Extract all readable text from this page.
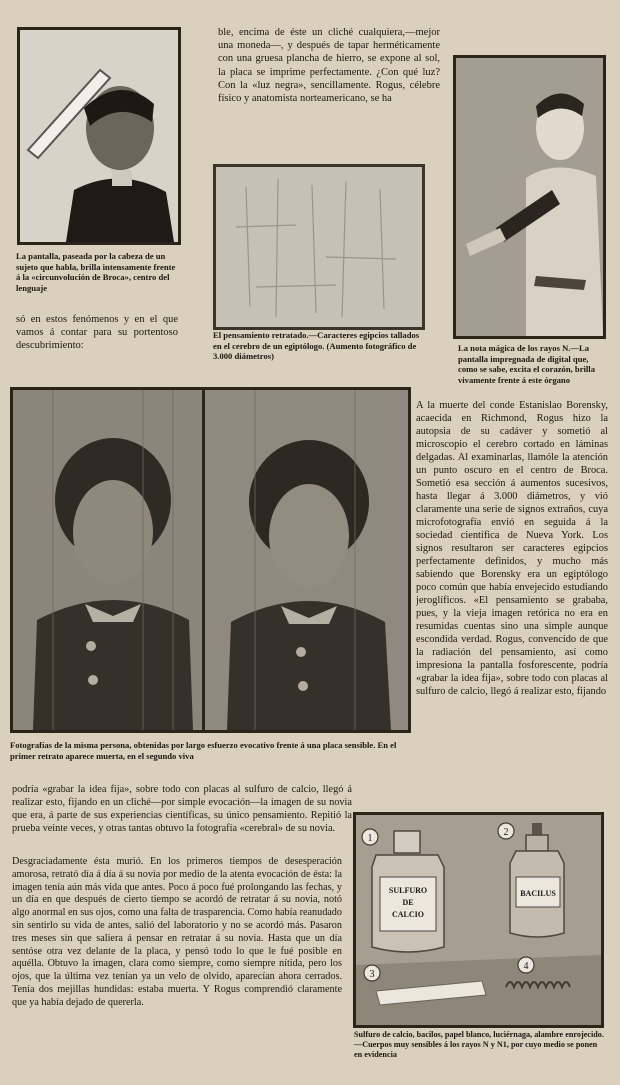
La pantalla, paseada por la cabeza de un sujeto que habla, brilla intensamente frente á la «circunvolución de Broca», centro del lenguaje

só en estos fenómenos y en el que vamos á contar para su portentoso descubrimiento:

ble, encima de éste un cliché cualquiera,—mejor una moneda—, y después de tapar herméticamente con una gruesa plancha de hierro, se expone al sol, la placa se imprime perfectamente. ¿Con qué luz? Con la «luz negra», sencillamente. Rogus, célebre físico y anatomista norteamericano, se ha

El pensamiento retratado.—Caracteres egipcios tallados en el cerebro de un egiptólogo. (Aumento fotográfico de 3.000 diámetros)

La nota mágica de los rayos N.—La pantalla impregnada de digital que, como se sabe, excita el corazón, brilla vivamente frente á este órgano

Fotografías de la misma persona, obtenidas por largo esfuerzo evocativo frente á una placa sensible. En el primer retrato aparece muerta, en el segundo viva

A la muerte del conde Estanislao Borensky, acaecida en Richmond, Rogus hizo la autopsia de su cadáver y sometió al microscopio el cerebro cortado en láminas delgadas. Al examinarlas, llamóle la atención un punto oscuro en el centro de Broca. Sometió esa sección á aumentos sucesivos, hasta llegar á 3.000 diámetros, y vió claramente una serie de signos extraños, cuya microfotografía envió en seguida á la sociedad científica de Nueva York. Los signos resultaron ser caracteres egipcios perfectamente definidos, y mucho más sabiendo que Borensky era un egiptólogo poco común que había envejecido estudiando jeroglíficos. «El pensamiento se grababa, pues, y la vieja imagen retórica no era en resumidas cuentas sino una simple aunque escondida verdad. Rogus, convencido de que la radiación del pensamiento, así como impresiona la pantalla fosforescente, podría «grabar la idea fija», sobre todo con placas al sulfuro de calcio, llegó á realizar esto, fijando

podría «grabar la idea fija», sobre todo con placas al sulfuro de calcio, llegó á realizar esto, fijando en un cliché—por simple evocación—la imagen de su novia que era, á parte de sus experiencias científicas, su único pensamiento. Repitió la prueba veinte veces, y otras tantas obtuvo la fotografía «cerebral» de su novia.

Desgraciadamente ésta murió. En los primeros tiempos de desesperación amorosa, retrató día á día á su novia por medio de la atenta evocación de ésta: la imagen tenía aún más vida que antes. Poco á poco fué prolongando las fechas, y un día en que después de cierto tiempo se acordó de retratar á su novia, notó algo anormal en sus ojos, como una falta de trasparencia. Como había reanudado sin sentirlo su vida de antes, salió del laboratorio y no se acordó más. Pasaron tres meses sin que saliera á pensar en retratar á su novia. Hasta que un día sentóse otra vez delante de la placa, y pensó todo lo que le fué posible en aquélla. Obtuvo la imagen, clara como siempre, como siempre nítida, pero los ojos, que la última vez tenían ya un velo de olvido, aparecían ahora cerrados. Tenía dos mejillas hundidas: estaba muerta. Y Rogus comprendió claramente que ya había dejado de quererla.

1
2
3
4
SULFURO
DE
CALCIO
BACILUS

Sulfuro de calcio, bacilos, papel blanco, luciérnaga, alambre enrojecido.—Cuerpos muy sensibles á los rayos N y N1, por cuyo medio se ponen en evidencia
